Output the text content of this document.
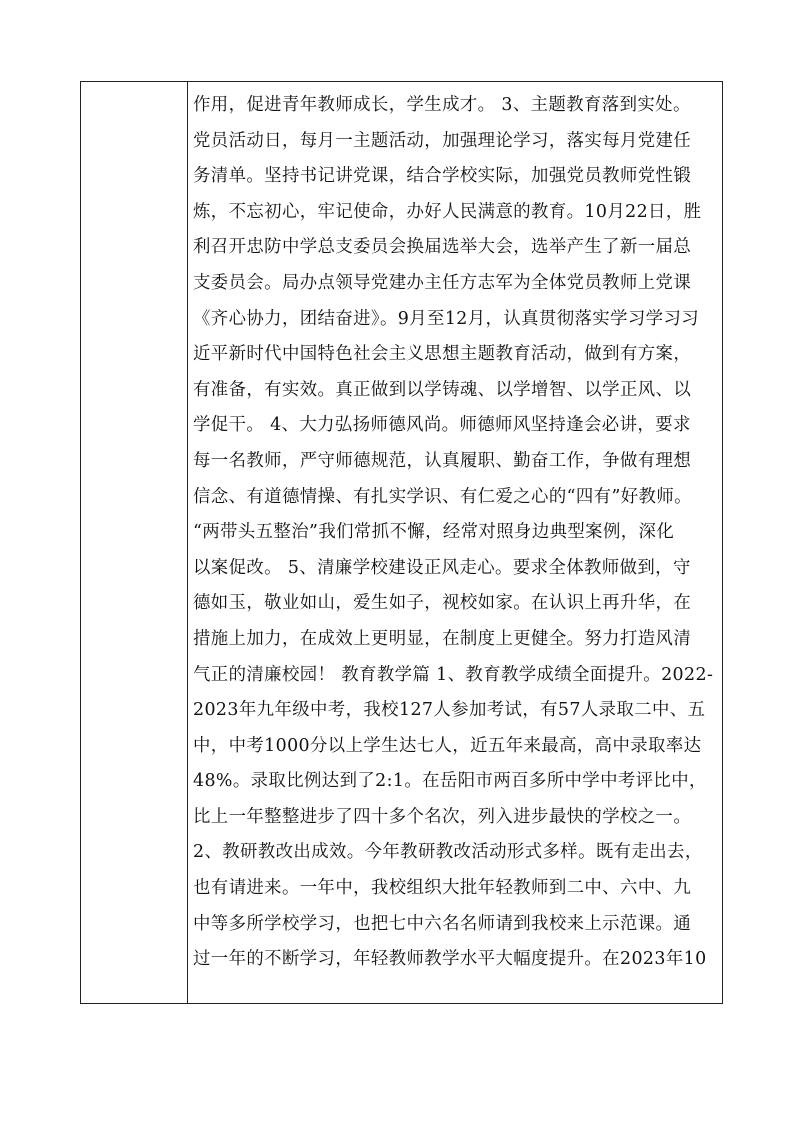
作用，促进青年教师成长，学生成才。 3、主题教育落到实处。
党员活动日，每月一主题活动，加强理论学习，落实每月党建任
务清单。坚持书记讲党课，结合学校实际，加强党员教师党性锻
炼，不忘初心，牢记使命，办好人民满意的教育。10月22日，胜
利召开忠防中学总支委员会换届选举大会，选举产生了新一届总
支委员会。局办点领导党建办主任方志军为全体党员教师上党课
《齐心协力，团结奋进》。9月至12月，认真贯彻落实学习学习习
近平新时代中国特色社会主义思想主题教育活动，做到有方案，
有准备，有实效。真正做到以学铸魂、以学增智、以学正风、以
学促干。 4、大力弘扬师德风尚。师德师风坚持逢会必讲，要求
每一名教师，严守师德规范，认真履职、勤奋工作，争做有理想
信念、有道德情操、有扎实学识、有仁爱之心的“四有”好教师。
“两带头五整治”我们常抓不懈，经常对照身边典型案例，深化
以案促改。 5、清廉学校建设正风走心。要求全体教师做到，守
德如玉，敬业如山，爱生如子，视校如家。在认识上再升华，在
措施上加力，在成效上更明显，在制度上更健全。努力打造风清
气正的清廉校园！ 教育教学篇 1、教育教学成绩全面提升。2022-
2023年九年级中考，我校127人参加考试，有57人录取二中、五
中，中考1000分以上学生达七人，近五年来最高，高中录取率达
48%。录取比例达到了2:1。在岳阳市两百多所中学中考评比中，
比上一年整整进步了四十多个名次，列入进步最快的学校之一。
2、教研教改出成效。今年教研教改活动形式多样。既有走出去，
也有请进来。一年中，我校组织大批年轻教师到二中、六中、九
中等多所学校学习，也把七中六名名师请到我校来上示范课。通
过一年的不断学习，年轻教师教学水平大幅度提升。在2023年10
